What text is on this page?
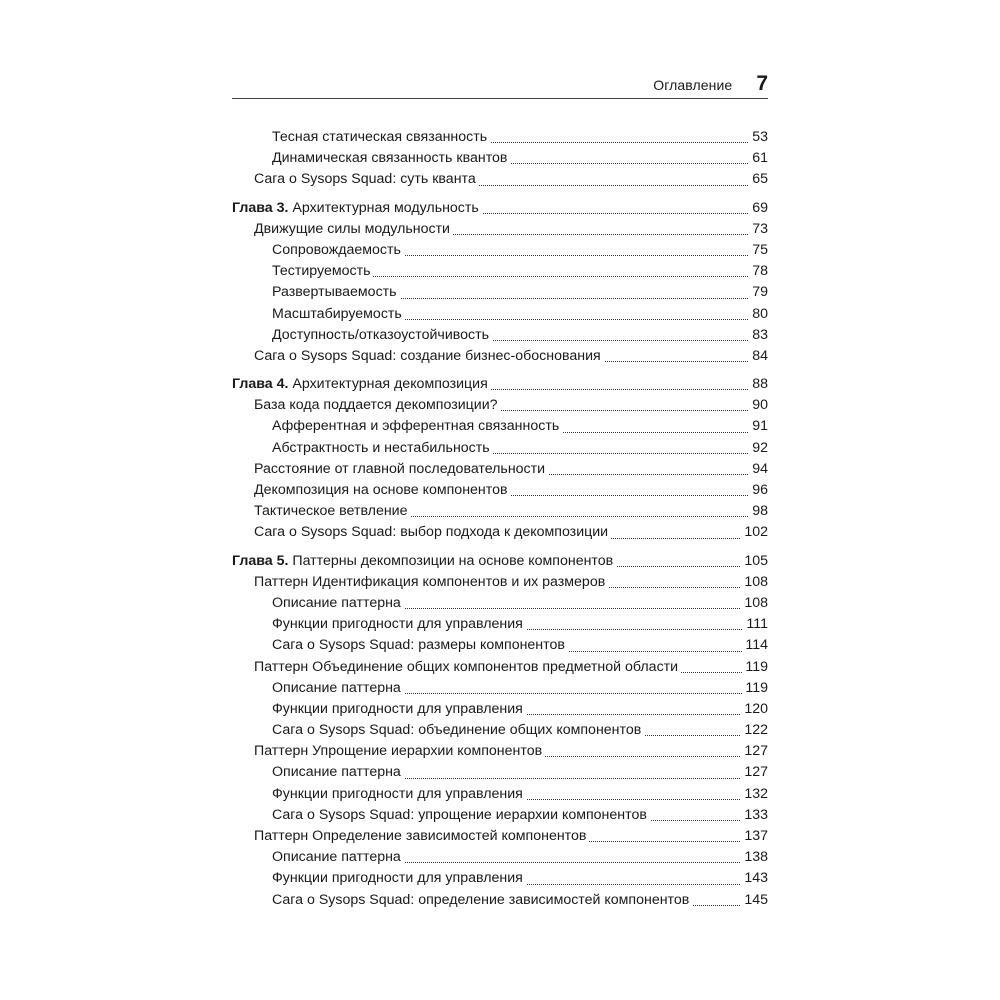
Оглавление 7
Тесная статическая связанность	53
Динамическая связанность квантов	61
Сага о Sysops Squad: суть кванта	65
Глава 3. Архитектурная модульность	69
Движущие силы модульности	73
Сопровождаемость	75
Тестируемость	78
Развертываемость	79
Масштабируемость	80
Доступность/отказоустойчивость	83
Сага о Sysops Squad: создание бизнес-обоснования	84
Глава 4. Архитектурная декомпозиция	88
База кода поддается декомпозиции?	90
Афферентная и эфферентная связанность	91
Абстрактность и нестабильность	92
Расстояние от главной последовательности	94
Декомпозиция на основе компонентов	96
Тактическое ветвление	98
Сага о Sysops Squad: выбор подхода к декомпозиции	102
Глава 5. Паттерны декомпозиции на основе компонентов	105
Паттерн Идентификация компонентов и их размеров	108
Описание паттерна	108
Функции пригодности для управления	111
Сага о Sysops Squad: размеры компонентов	114
Паттерн Объединение общих компонентов предметной области	119
Описание паттерна	119
Функции пригодности для управления	120
Сага о Sysops Squad: объединение общих компонентов	122
Паттерн Упрощение иерархии компонентов	127
Описание паттерна	127
Функции пригодности для управления	132
Сага о Sysops Squad: упрощение иерархии компонентов	133
Паттерн Определение зависимостей компонентов	137
Описание паттерна	138
Функции пригодности для управления	143
Сага о Sysops Squad: определение зависимостей компонентов	145
